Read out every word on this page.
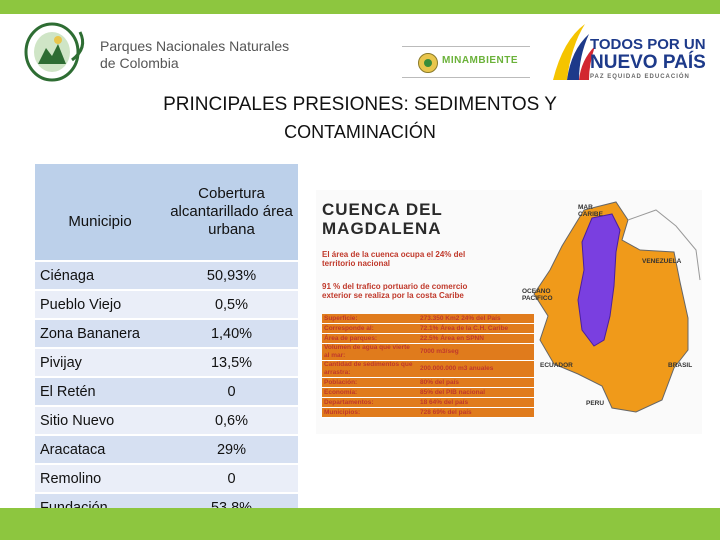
Parques Nacionales Naturales
de Colombia	MINAMBIENTE
TODOS POR UN
NUEVO PAÍS
PAZ EQUIDAD EDUCACIÓN
PRINCIPALES PRESIONES: SEDIMENTOS Y
CONTAMINACIÓN
Municipio	Cobertura alcantarillado área urbana
Ciénaga	50,93%
Pueblo Viejo	0,5%
Zona Bananera	1,40%
Pivijay	13,5%
El Retén	0
Sitio Nuevo	0,6%
Aracataca	29%
Remolino	0

CUENCA DEL MAGDALENA
El área de la cuenca ocupa el 24% del territorio nacional
91 % del trafico portuario de comercio exterior se realiza por la costa Caribe
MAR CARIBE
VENEZUELA
OCEANO PACIFICO
ECUADOR	BRASIL
PERU
Superficie:	273.350 Km2 24% del País
Corresponde al:	72.1% Área de la C.H. Caribe
Área de parques:	22.5% Área en SPNN
Volumen de agua que vierte al mar:	7000 m3/seg
Cantidad de sedimentos que arrastra:	200.000.000 m3 anuales
Población:	80% del país
Economía:	85% del PIB nacional
Departamentos:	18 64% del país
Municipios:	728 69% del país
